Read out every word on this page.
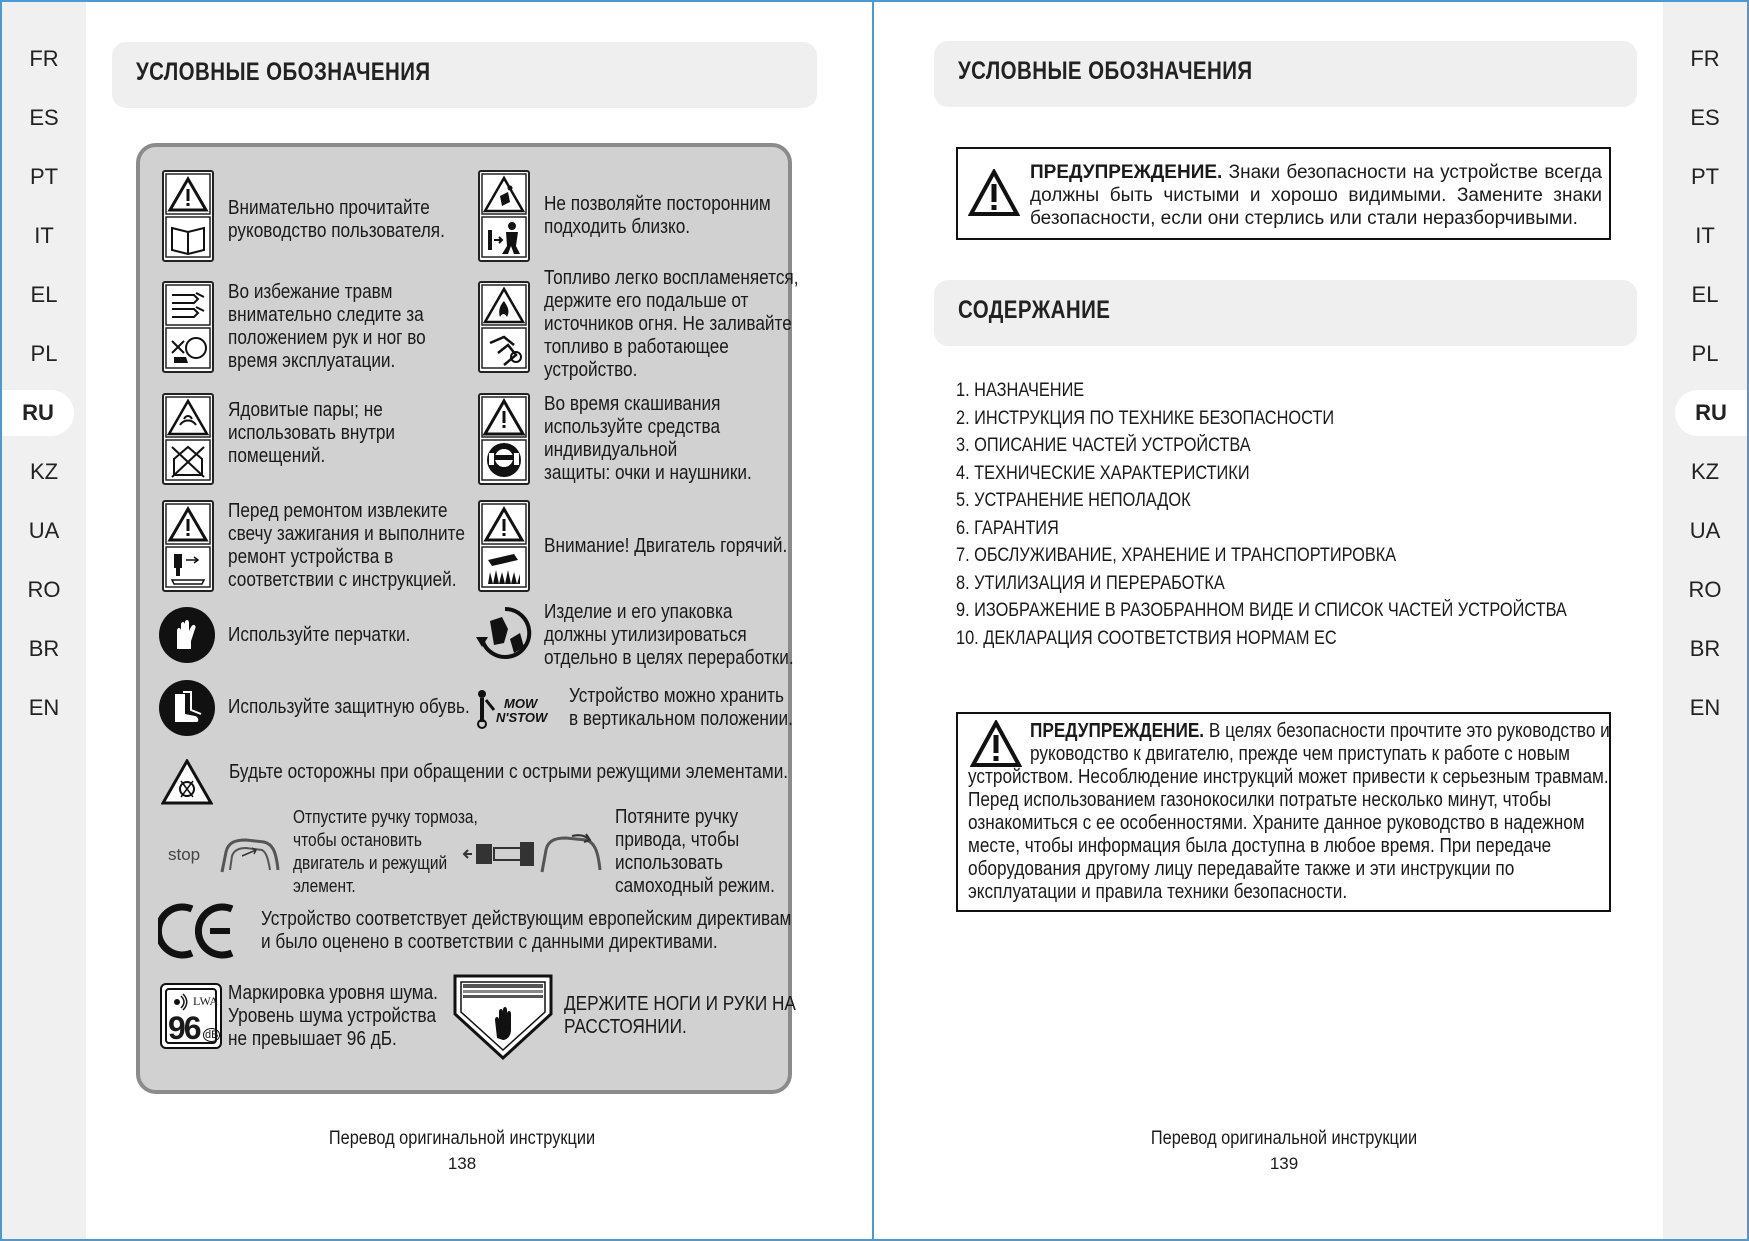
FR
ES
PT
IT
EL
PL
RU
KZ
UA
RO
BR
EN
УСЛОВНЫЕ ОБОЗНАЧЕНИЯ	FR
ES
PT
IT
EL
PL
RU
KZ
UA
RO
BR
EN
Внимательно прочитайте
руководство пользователя.
Не позволяйте посторонним
подходить близко.
Во избежание травм
внимательно следите за
положением рук и ног во
время эксплуатации.
Топливо легко воспламеняется,
держите его подальше от
источников огня. Не заливайте
топливо в работающее
устройство.
Ядовитые пары; не
использовать внутри
помещений.
Во время скашивания
используйте средства
индивидуальной
защиты: очки и наушники.
Перед ремонтом извлеките
свечу зажигания и выполните
ремонт устройства в
соответствии с инструкцией.
Внимание! Двигатель горячий.
Используйте перчатки.
Изделие и его упаковка
должны утилизироваться
отдельно в целях переработки.
Используйте защитную обувь.	MOW
N'STOW
Устройство можно хранить
в вертикальном положении.
Будьте осторожны при обращении с острыми режущими элементами.
stop
Отпустите ручку тормоза,
чтобы остановить
двигатель и режущий
элемент.
Потяните ручку
привода, чтобы
использовать
самоходный режим.
Устройство соответствует действующим европейским директивам
и было оценено в соответствии с данными директивами.
LWA
96 dB
Маркировка уровня шума.
Уровень шума устройства
не превышает 96 дБ.
ДЕРЖИТЕ НОГИ И РУКИ НА
РАССТОЯНИИ.
Перевод оригинальной инструкции
138
УСЛОВНЫЕ ОБОЗНАЧЕНИЯ
ПРЕДУПРЕЖДЕНИЕ. Знаки безопасности на устройстве всегда должны быть чистыми и хорошо видимыми. Замените знаки безопасности, если они стерлись или стали неразборчивыми.
СОДЕРЖАНИЕ
1. НАЗНАЧЕНИЕ
2. ИНСТРУКЦИЯ ПО ТЕХНИКЕ БЕЗОПАСНОСТИ
3. ОПИСАНИЕ ЧАСТЕЙ УСТРОЙСТВА
4. ТЕХНИЧЕСКИЕ ХАРАКТЕРИСТИКИ
5. УСТРАНЕНИЕ НЕПОЛАДОК
6. ГАРАНТИЯ
7. ОБСЛУЖИВАНИЕ, ХРАНЕНИЕ И ТРАНСПОРТИРОВКА
8. УТИЛИЗАЦИЯ И ПЕРЕРАБОТКА
9. ИЗОБРАЖЕНИЕ В РАЗОБРАННОМ ВИДЕ И СПИСОК ЧАСТЕЙ УСТРОЙСТВА
10. ДЕКЛАРАЦИЯ СООТВЕТСТВИЯ НОРМАМ ЕС
ПРЕДУПРЕЖДЕНИЕ. В целях безопасности прочтите это руководство и
руководство к двигателю, прежде чем приступать к работе с новым
устройством. Несоблюдение инструкций может привести к серьезным травмам.
Перед использованием газонокосилки потратьте несколько минут, чтобы
ознакомиться с ее особенностями. Храните данное руководство в надежном
месте, чтобы информация была доступна в любое время. При передаче
оборудования другому лицу передавайте также и эти инструкции по
эксплуатации и правила техники безопасности.
Перевод оригинальной инструкции
139
